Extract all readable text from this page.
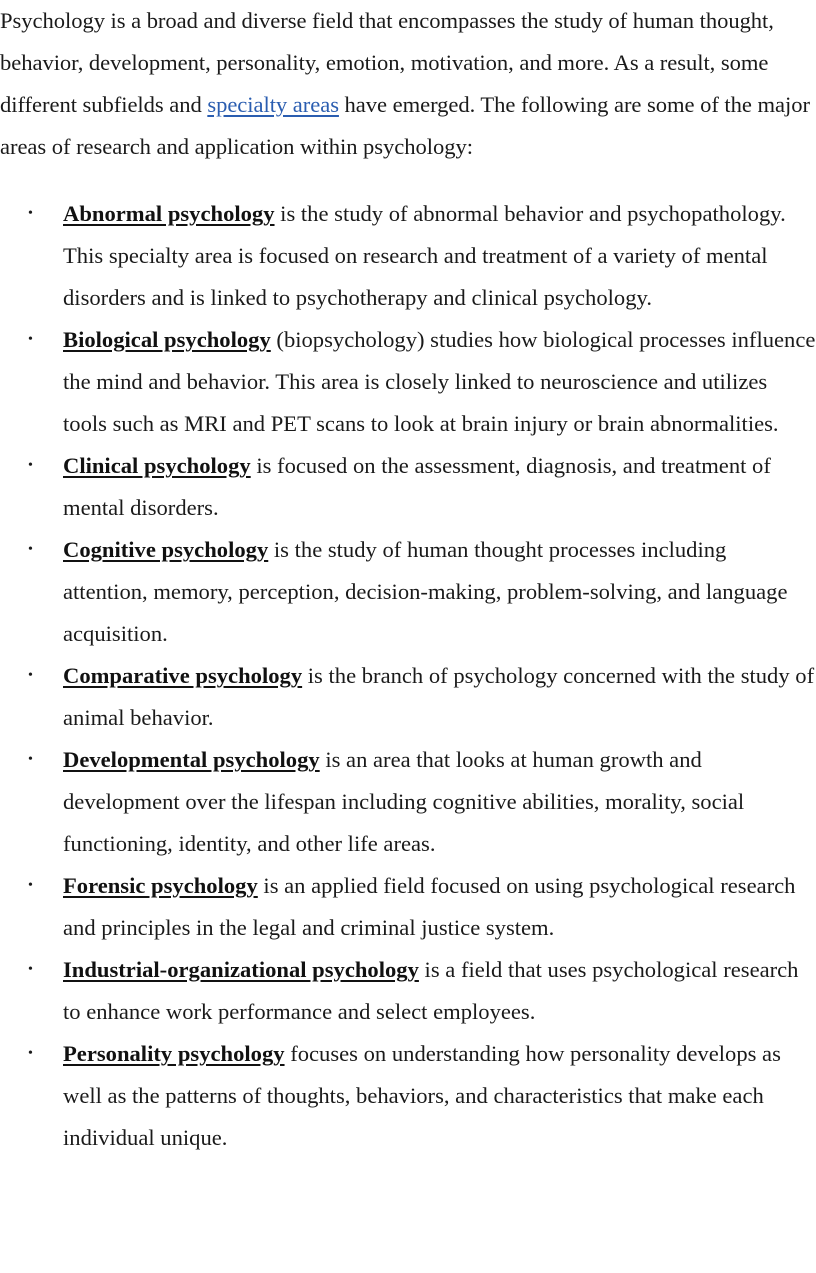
Psychology is a broad and diverse field that encompasses the study of human thought, behavior, development, personality, emotion, motivation, and more. As a result, some different subfields and specialty areas have emerged. The following are some of the major areas of research and application within psychology:

• Abnormal psychology is the study of abnormal behavior and psychopathology. This specialty area is focused on research and treatment of a variety of mental disorders and is linked to psychotherapy and clinical psychology.
• Biological psychology (biopsychology) studies how biological processes influence the mind and behavior. This area is closely linked to neuroscience and utilizes tools such as MRI and PET scans to look at brain injury or brain abnormalities.
• Clinical psychology is focused on the assessment, diagnosis, and treatment of mental disorders.
• Cognitive psychology is the study of human thought processes including attention, memory, perception, decision-making, problem-solving, and language acquisition.
• Comparative psychology is the branch of psychology concerned with the study of animal behavior.
• Developmental psychology is an area that looks at human growth and development over the lifespan including cognitive abilities, morality, social functioning, identity, and other life areas.
• Forensic psychology is an applied field focused on using psychological research and principles in the legal and criminal justice system.
• Industrial-organizational psychology is a field that uses psychological research to enhance work performance and select employees.
• Personality psychology focuses on understanding how personality develops as well as the patterns of thoughts, behaviors, and characteristics that make each individual unique.
